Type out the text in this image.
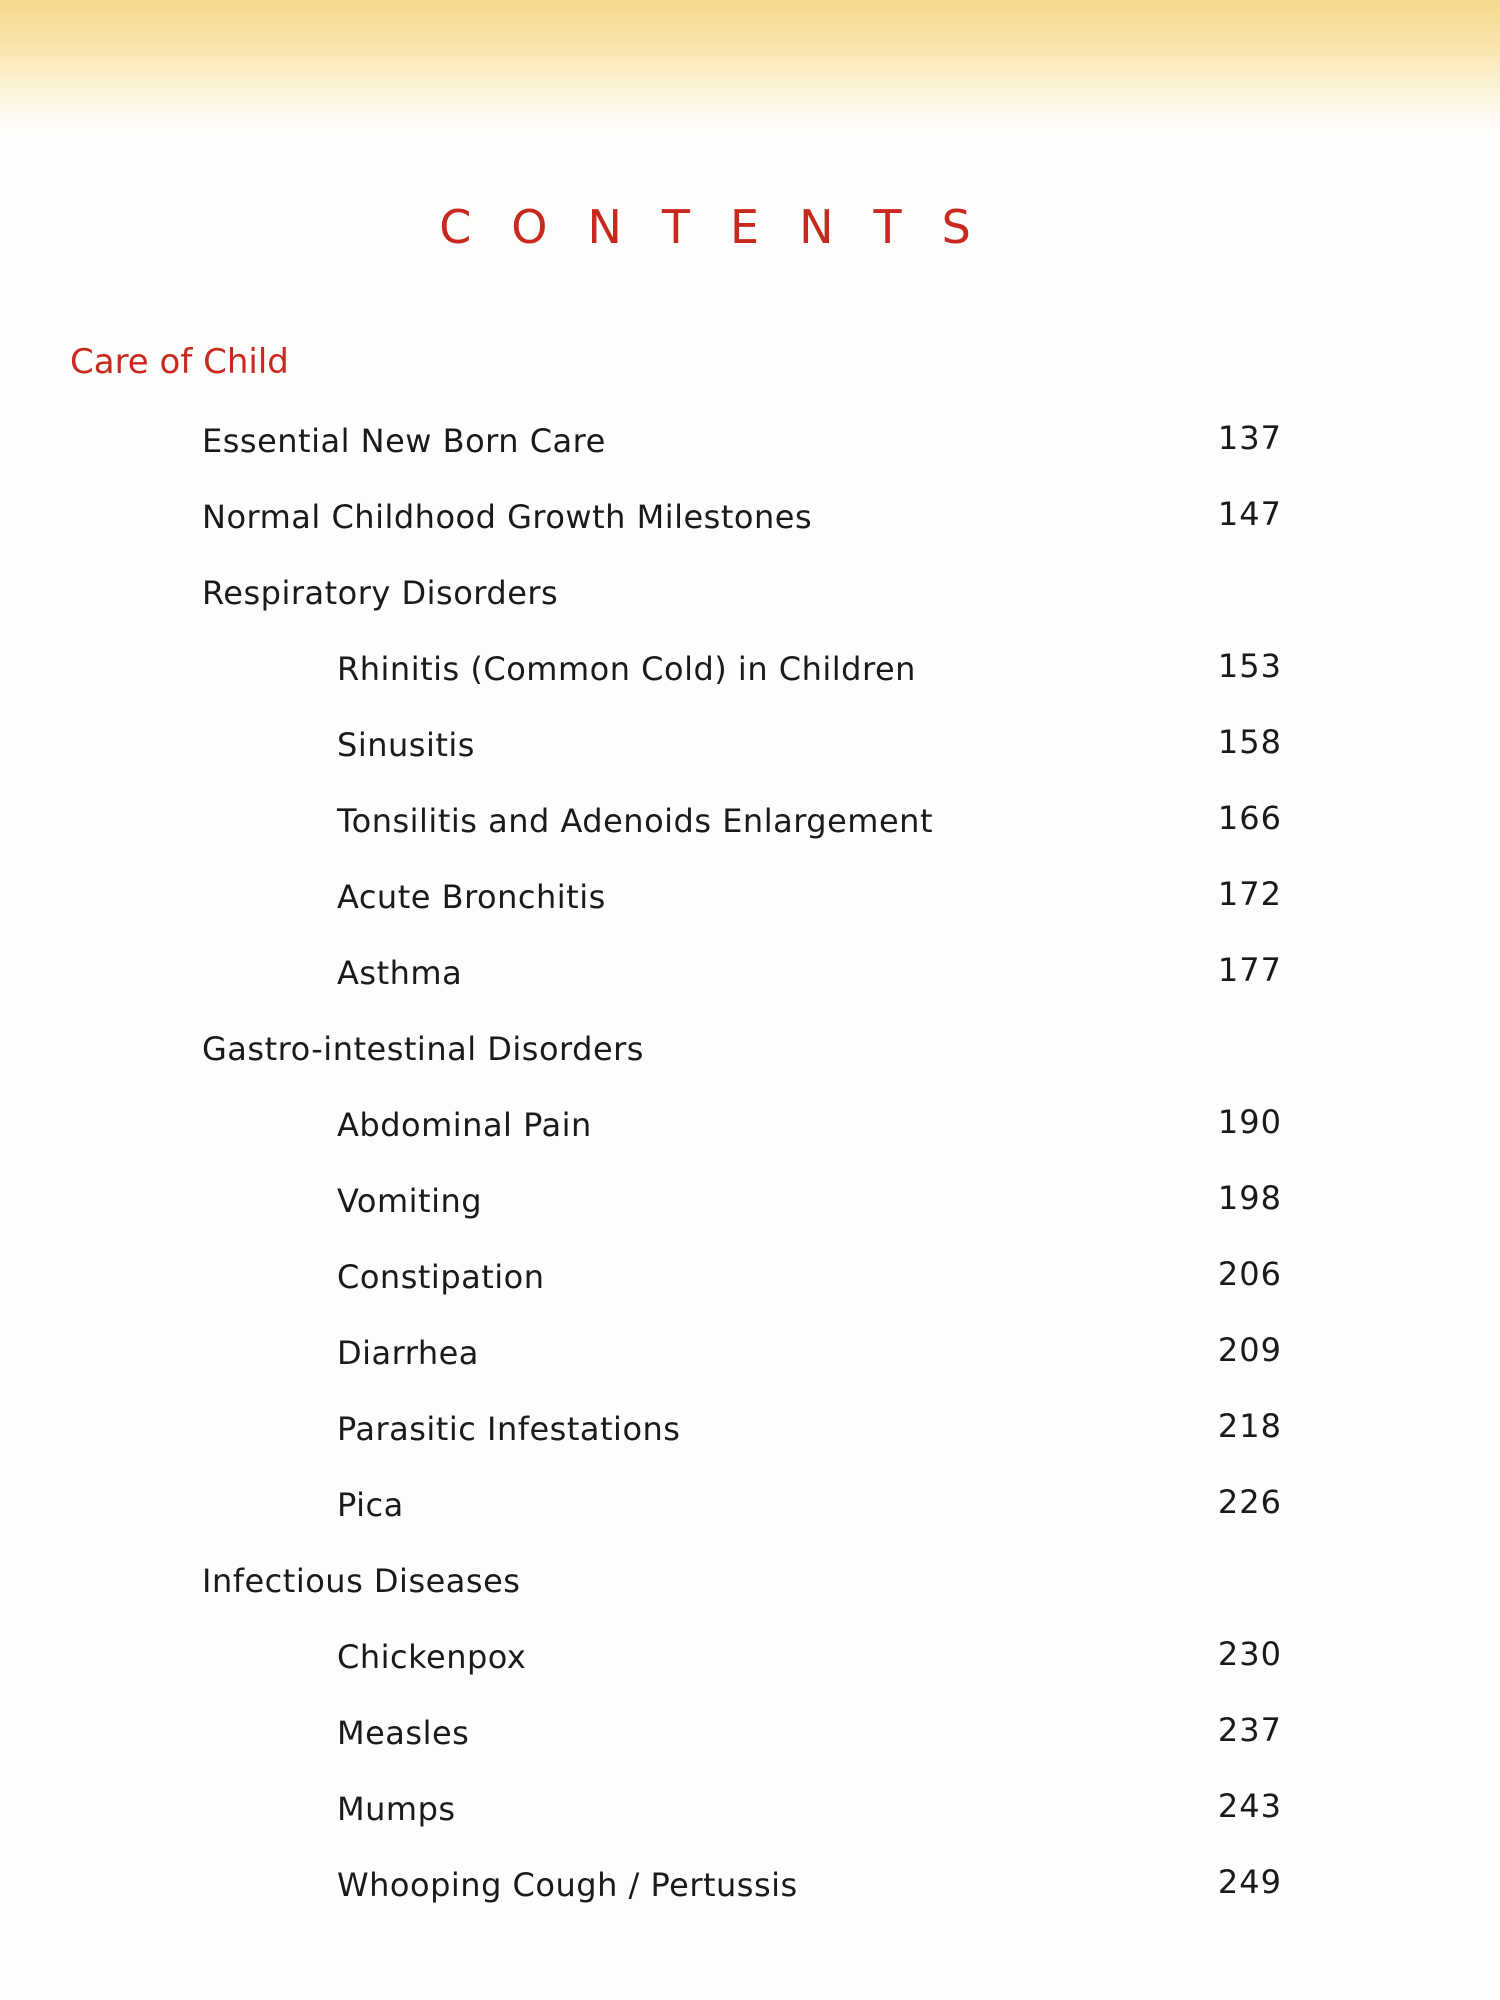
CONTENTS
Care of Child
Essential New Born Care	137
Normal Childhood Growth Milestones	147
Respiratory Disorders
Rhinitis (Common Cold) in Children	153
Sinusitis	158
Tonsilitis and Adenoids Enlargement	166
Acute Bronchitis	172
Asthma	177
Gastro-intestinal Disorders
Abdominal Pain	190
Vomiting	198
Constipation	206
Diarrhea	209
Parasitic Infestations	218
Pica	226
Infectious Diseases
Chickenpox	230
Measles	237
Mumps	243
Whooping Cough / Pertussis	249
